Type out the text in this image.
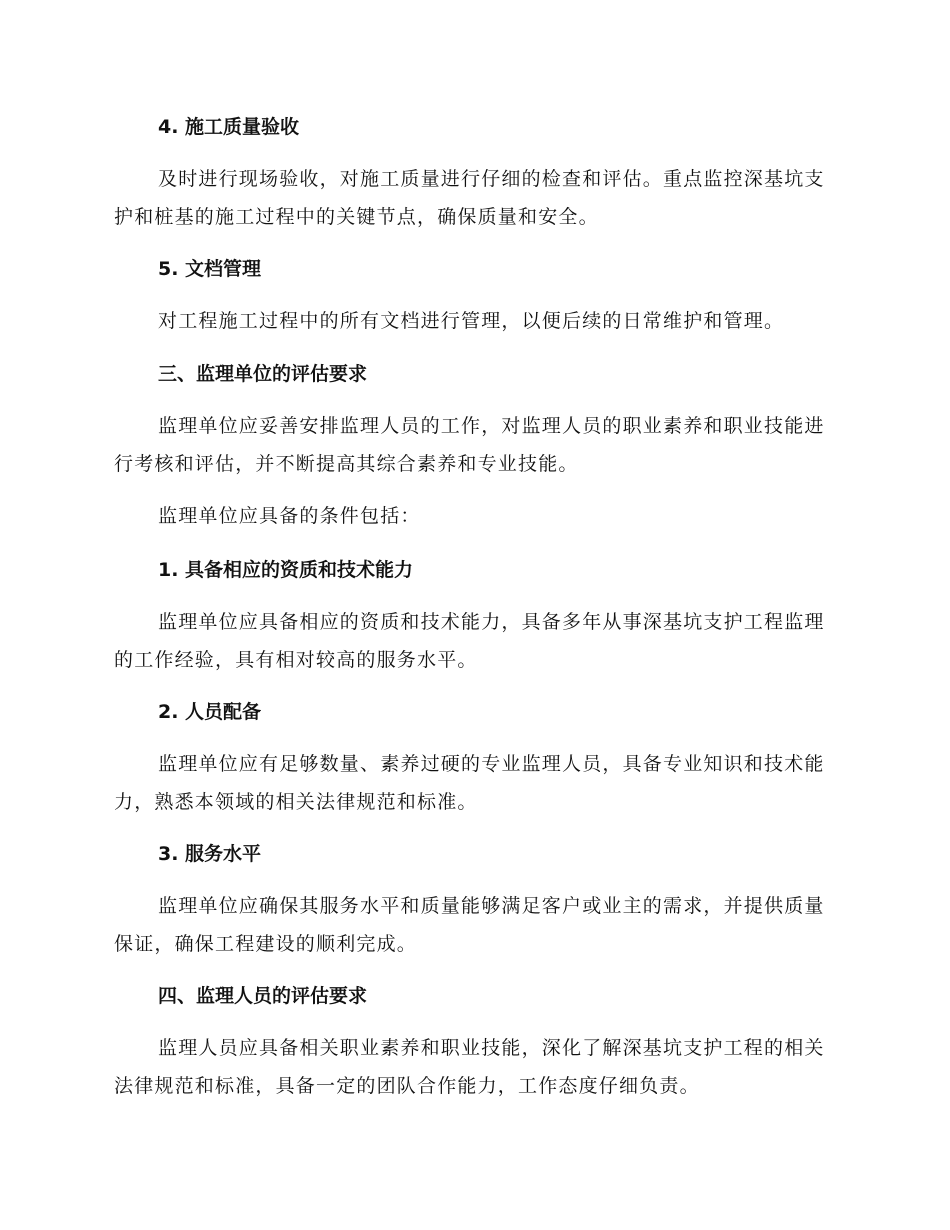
4. 施工质量验收
及时进行现场验收，对施工质量进行仔细的检查和评估。重点监控深基坑支护和桩基的施工过程中的关键节点，确保质量和安全。
5. 文档管理
对工程施工过程中的所有文档进行管理，以便后续的日常维护和管理。
三、监理单位的评估要求
监理单位应妥善安排监理人员的工作，对监理人员的职业素养和职业技能进行考核和评估，并不断提高其综合素养和专业技能。
监理单位应具备的条件包括：
1. 具备相应的资质和技术能力
监理单位应具备相应的资质和技术能力，具备多年从事深基坑支护工程监理的工作经验，具有相对较高的服务水平。
2. 人员配备
监理单位应有足够数量、素养过硬的专业监理人员，具备专业知识和技术能力，熟悉本领域的相关法律规范和标准。
3. 服务水平
监理单位应确保其服务水平和质量能够满足客户或业主的需求，并提供质量保证，确保工程建设的顺利完成。
四、监理人员的评估要求
监理人员应具备相关职业素养和职业技能，深化了解深基坑支护工程的相关法律规范和标准，具备一定的团队合作能力，工作态度仔细负责。
